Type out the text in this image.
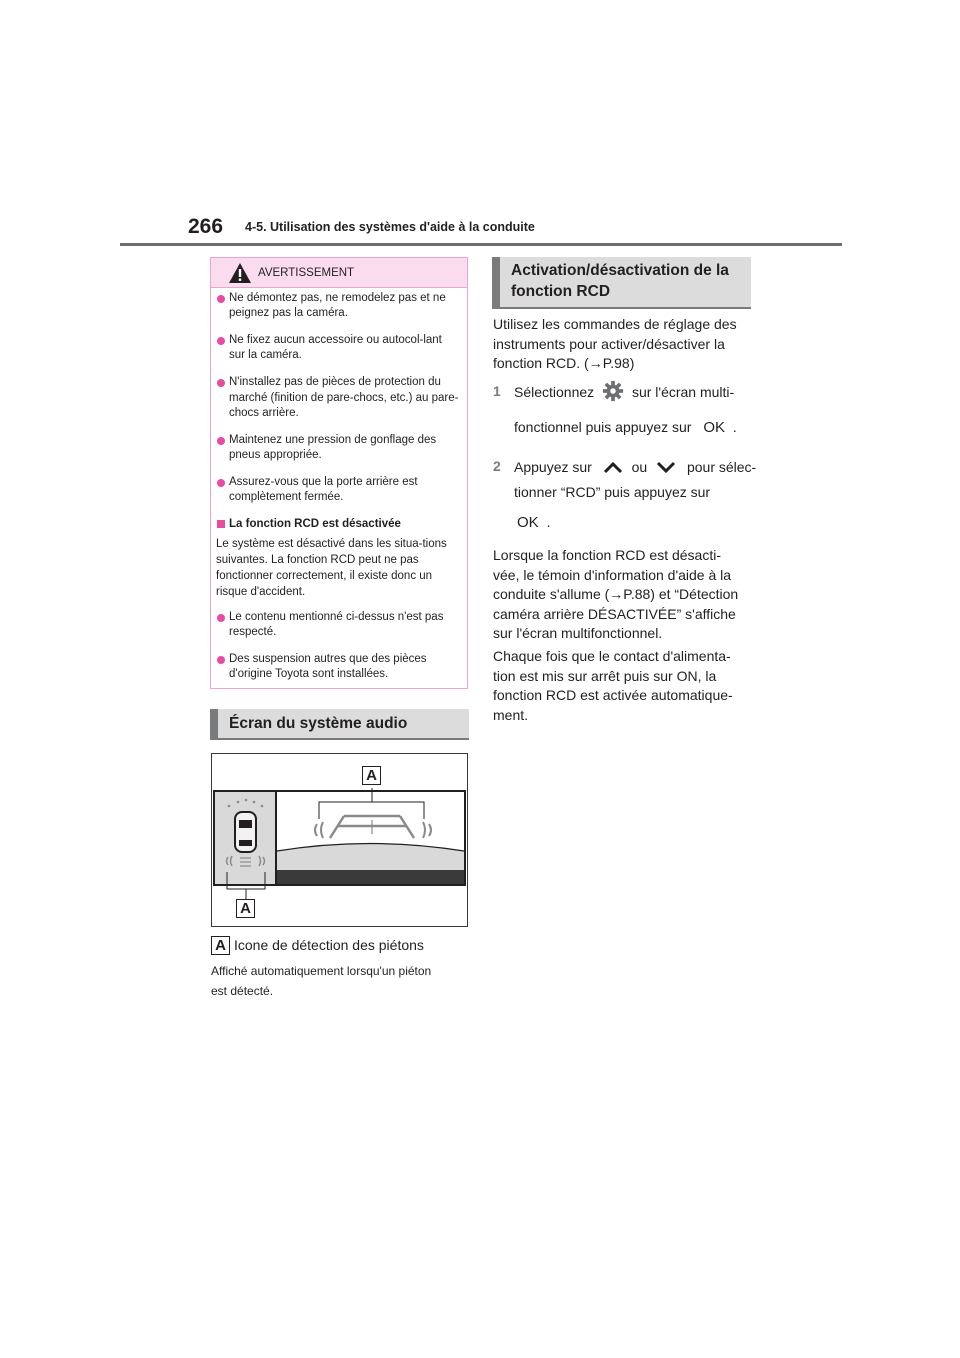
266 4-5. Utilisation des systèmes d'aide à la conduite
AVERTISSEMENT
Ne démontez pas, ne remodelez pas et ne peignez pas la caméra.
Ne fixez aucun accessoire ou autocol-lant sur la caméra.
N'installez pas de pièces de protection du marché (finition de pare-chocs, etc.) au pare-chocs arrière.
Maintenez une pression de gonflage des pneus appropriée.
Assurez-vous que la porte arrière est complètement fermée.
La fonction RCD est désactivée
Le système est désactivé dans les situa-tions suivantes. La fonction RCD peut ne pas fonctionner correctement, il existe donc un risque d'accident.
Le contenu mentionné ci-dessus n'est pas respecté.
Des suspension autres que des pièces d'origine Toyota sont installées.
Écran du système audio
A
A
A Icone de détection des piétons
Affiché automatiquement lorsqu'un piéton
est détecté.
Activation/désactivation de la
fonction RCD
Utilisez les commandes de réglage des
instruments pour activer/désactiver la
fonction RCD. (→P.98)
1 Sélectionnez	sur l'écran multi-
fonctionnel puis appuyez sur OK .
2 Appuyez sur	ou	pour sélec-
tionner “RCD” puis appuyez sur
OK .
Lorsque la fonction RCD est désacti-
vée, le témoin d'information d'aide à la
conduite s'allume (→P.88) et “Détection
caméra arrière DÉSACTIVÉE” s'affiche
sur l'écran multifonctionnel.
Chaque fois que le contact d'alimenta-
tion est mis sur arrêt puis sur ON, la
fonction RCD est activée automatique-
ment.
